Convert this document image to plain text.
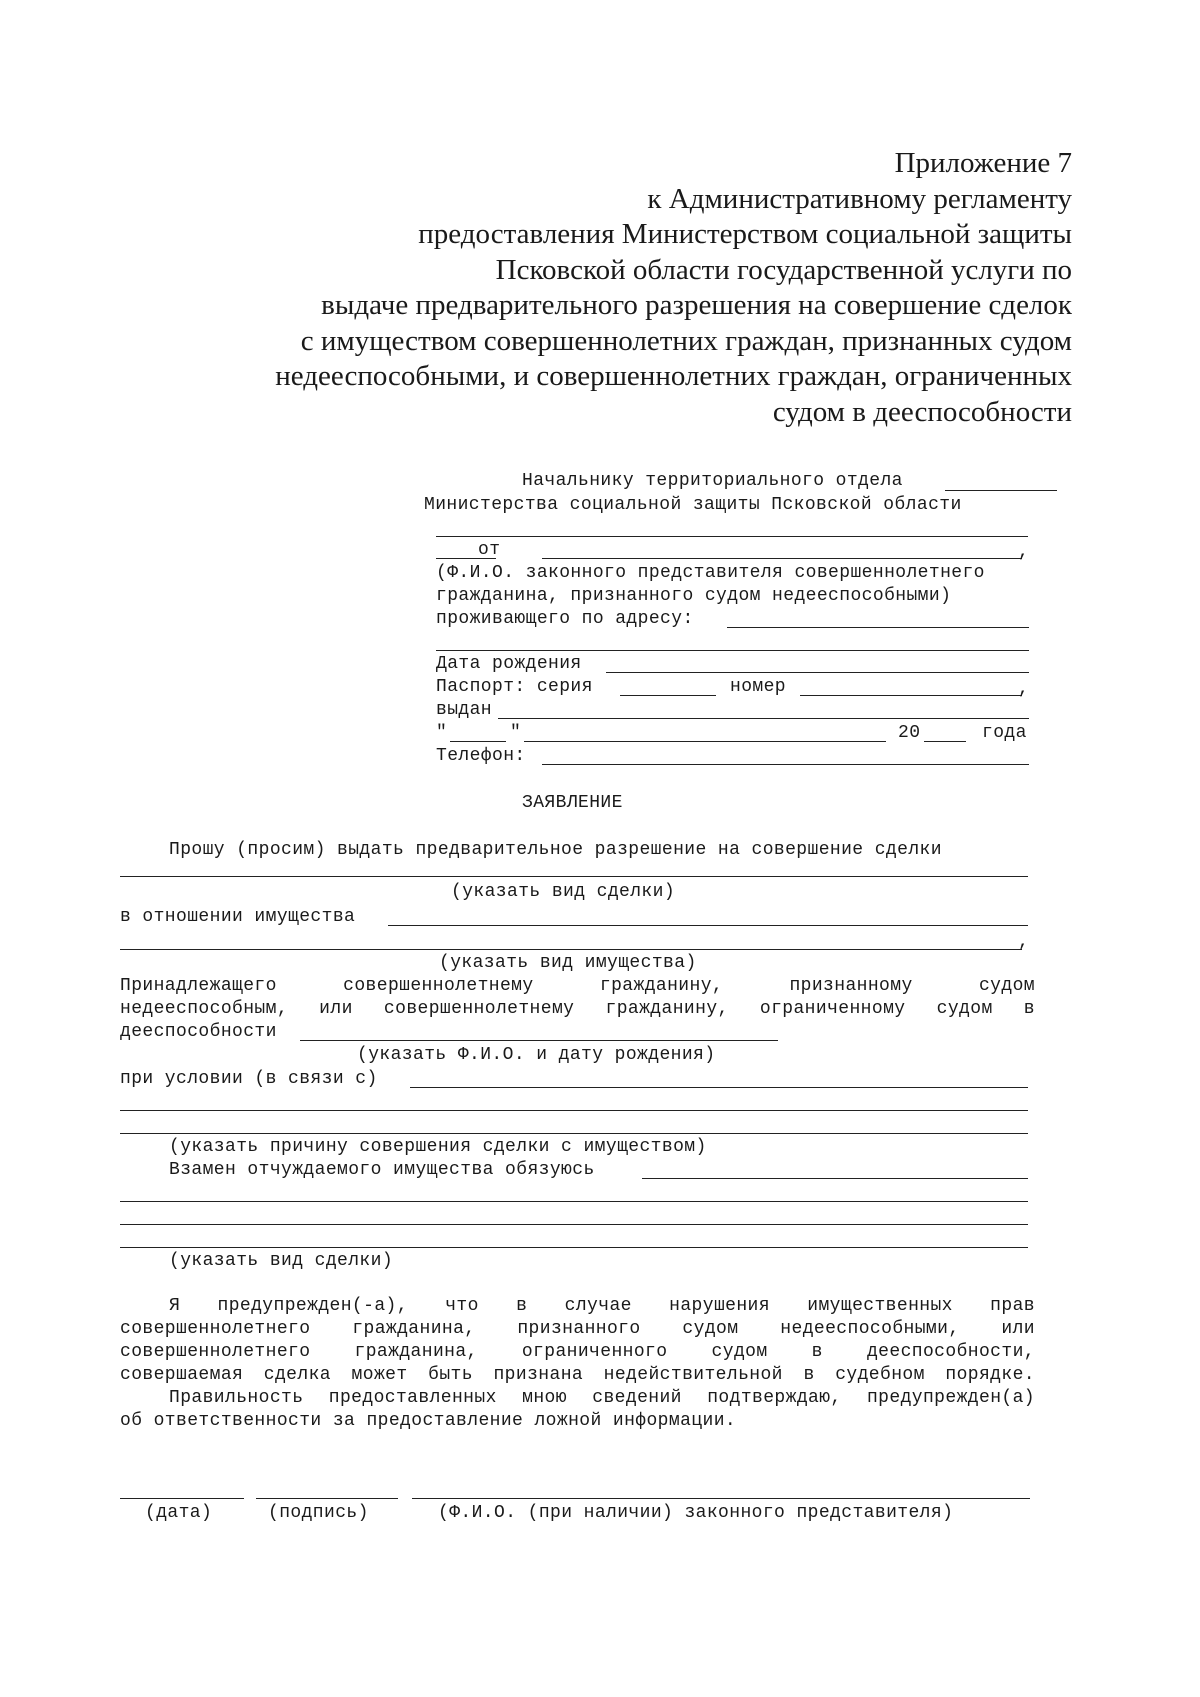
Приложение 7
к Административному регламенту
предоставления Министерством социальной защиты
Псковской области государственной услуги по
выдаче предварительного разрешения на совершение сделок
с имуществом совершеннолетних граждан, признанных судом
недееспособными, и совершеннолетних граждан, ограниченных
судом в дееспособности
Начальнику территориального отдела
Министерства социальной защиты Псковской области
от	,
(Ф.И.О. законного представителя совершеннолетнего
гражданина, признанного судом недееспособными)
проживающего по адресу:
Дата рождения
Паспорт: серия	номер	,
выдан
"	"	20	года
Телефон:
ЗАЯВЛЕНИЕ
Прошу (просим) выдать предварительное разрешение на совершение сделки
(указать вид сделки)
в отношении имущества
,
(указать вид имущества)
Принадлежащего совершеннолетнему гражданину, признанному судом
недееспособным, или совершеннолетнему гражданину, ограниченному судом в
дееспособности
(указать Ф.И.О. и дату рождения)
при условии (в связи с)
(указать причину совершения сделки с имуществом)
Взамен отчуждаемого имущества обязуюсь
(указать вид сделки)
Я предупрежден(-а), что в случае нарушения имущественных прав
совершеннолетнего гражданина, признанного судом недееспособными, или
совершеннолетнего гражданина, ограниченного судом в дееспособности,
совершаемая сделка может быть признана недействительной в судебном порядке.
Правильность предоставленных мною сведений подтверждаю, предупрежден(а)
об ответственности за предоставление ложной информации.
(дата)	(подпись)	(Ф.И.О. (при наличии) законного представителя)
